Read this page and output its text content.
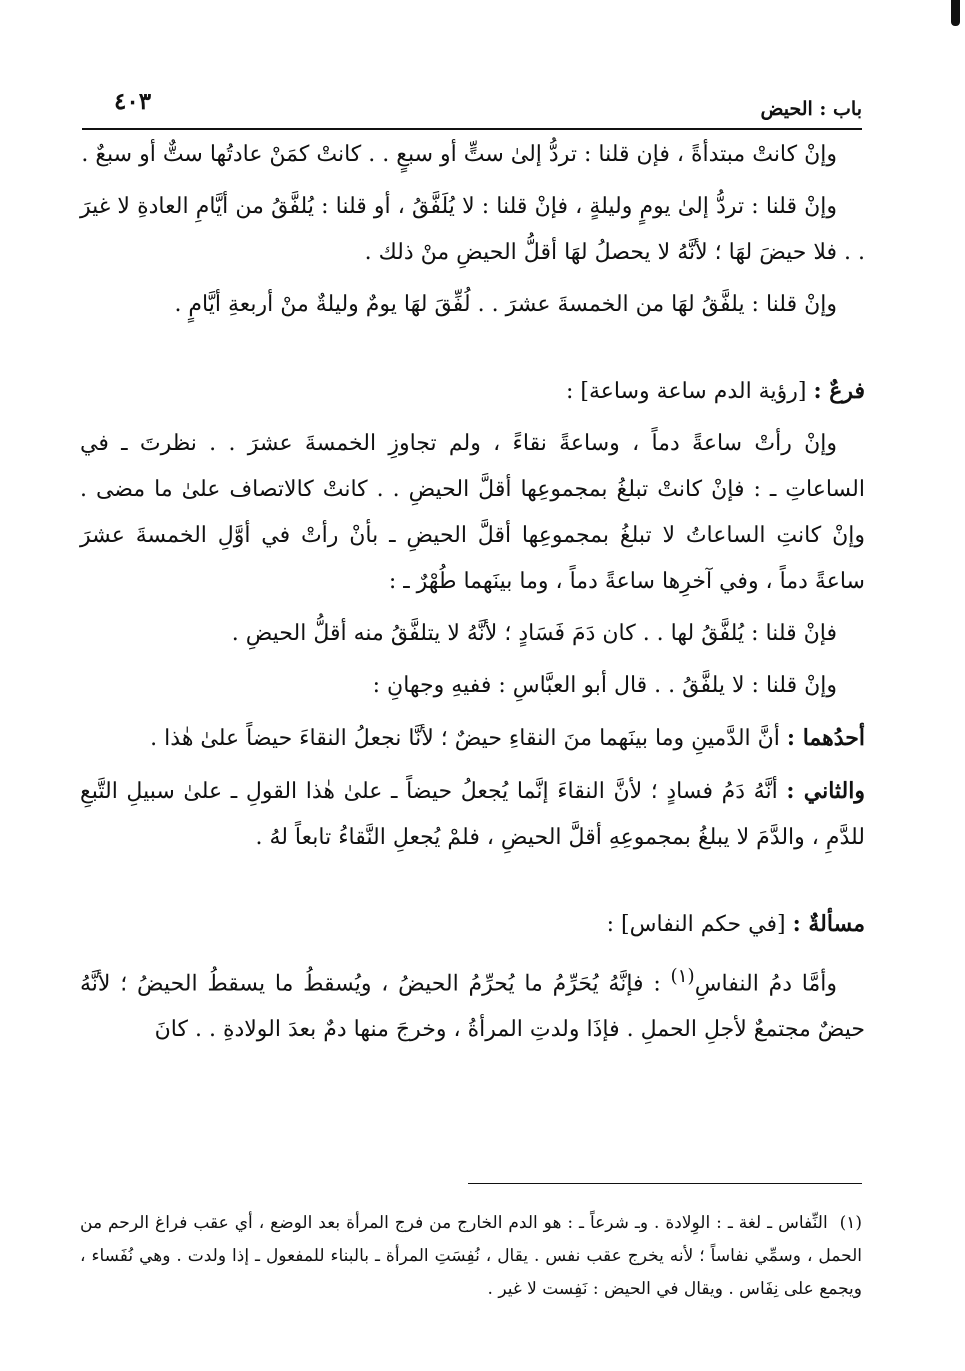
باب : الحيض
٤٠٣

وإنْ كانتْ مبتدأةً ، فإن قلنا : تردُّ إلىٰ ستٍّ أو سبعٍ . . كانتْ كمَنْ عادتُها ستٌّ أو سبعٌ .

وإنْ قلنا : تردُّ إلىٰ يومٍ وليلةٍ ، فإنْ قلنا : لا يُلَفَّقُ ، أو قلنا : يُلفَّقُ من أيَّامِ العادةِ لا غيرَ . . فلا حيضَ لهَا ؛ لأنَّهُ لا يحصلُ لهَا أقلُّ الحيضِ منْ ذلك .

وإنْ قلنا : يلفَّقُ لهَا من الخمسةَ عشرَ . . لُفِّقَ لهَا يومٌ وليلةٌ منْ أربعةِ أيَّامٍ .

فرعٌ : [رؤية الدم ساعة وساعة] :

وإنْ رأتْ ساعةً دماً ، وساعةً نقاءً ، ولم تجاوزِ الخمسةَ عشرَ . . نظرتَ ـ في الساعاتِ ـ : فإنْ كانتْ تبلغُ بمجموعِها أقلَّ الحيضِ . . كانتْ كالاتصاف علىٰ ما مضى . وإنْ كانتِ الساعاتُ لا تبلغُ بمجموعِها أقلَّ الحيضِ ـ بأنْ رأتْ في أوَّلِ الخمسةَ عشرَ ساعةً دماً ، وفي آخرِها ساعةً دماً ، وما بينَهما طُهْرٌ ـ :

فإنْ قلنا : يُلفَّقُ لها . . كان دَمَ فَسَادٍ ؛ لأنَّهُ لا يتلفَّقُ منه أقلُّ الحيضِ .

وإنْ قلنا : لا يلفَّقُ . . قال أبو العبَّاسِ : ففيهِ وجهانِ :

أحدُهما : أنَّ الدَّمينِ وما بينَهما منَ النقاءِ حيضٌ ؛ لأنَّا نجعلُ النقاءَ حيضاً علىٰ هٰذا .

والثاني : أنَّهُ دَمُ فسادٍ ؛ لأنَّ النقاءَ إنَّما يُجعلُ حيضاً ـ علىٰ هٰذا القولِ ـ علىٰ سبيلِ التَّبعِ للدَّمِ ، والدَّمَ لا يبلغُ بمجموعِهِ أقلَّ الحيضِ ، فلمْ يُجعلِ النَّقاءُ تابعاً لهُ .

مسألةٌ : [في حكم النفاس] :

وأمَّا دمُ النفاسِ$^{(١)}$ : فإنَّهُ يُحَرِّمُ ما يُحرِّمُ الحيضُ ، ويُسقطُ ما يسقطُ الحيضُ ؛ لأنَّهُ حيضٌ مجتمعٌ لأجلِ الحملِ . فإذَا ولدتِ المرأةُ ، وخرجَ منها دمٌ بعدَ الولادةِ . . كانَ

(١)  النِّفاس ـ لغة ـ : الوِلادة . وـ شرعاً ـ : هو الدم الخارج من فرج المرأة بعد الوضع ، أي عقب فراغ الرحم من الحمل ، وسمِّي نفاساً ؛ لأنه يخرج عقب نفس . يقال ، نُفِسَتِ المرأة ـ بالبناء للمفعول ـ إذا ولدت . وهي نُفَساء ، ويجمع على نِفَاس . ويقال في الحيض : نَفِست لا غير .
